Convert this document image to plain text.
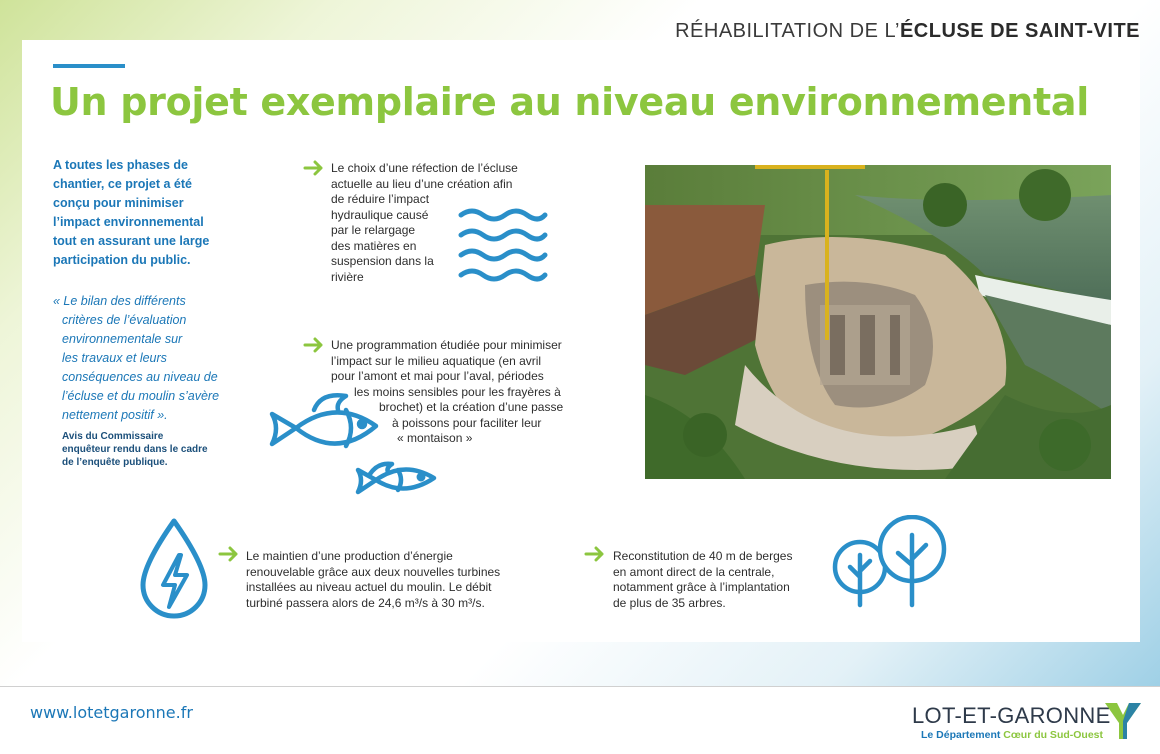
RÉHABILITATION DE L’ÉCLUSE DE SAINT-VITE
Un projet exemplaire au niveau environnemental
A toutes les phases de
chantier, ce projet a été
conçu pour minimiser
l’impact environnemental
tout en assurant une large
participation du public.
« Le bilan des différents
critères de l’évaluation
environnementale sur
les travaux et leurs
conséquences au niveau de
l’écluse et du moulin s’avère
nettement positif ».
Avis du Commissaire
enquêteur rendu dans le cadre
de l’enquête publique.
Le choix d’une réfection de l’écluse
actuelle au lieu d’une création afin
de réduire l’impact
hydraulique causé
par le relargage
des matières en
suspension dans la
rivière
Une programmation étudiée pour minimiser
l’impact sur le milieu aquatique (en avril
pour l’amont et mai pour l’aval, périodes
les moins sensibles pour les frayères à
brochet) et la création d’une passe
à poissons pour faciliter leur
« montaison »
Le maintien d’une production d’énergie
renouvelable grâce aux deux nouvelles turbines
installées au niveau actuel du moulin. Le débit
turbiné passera alors de 24,6 m³/s à 30 m³/s.
Reconstitution de 40 m de berges
en amont direct de la centrale,
notamment grâce à l’implantation
de plus de 35 arbres.
www.lotetgaronne.fr	LOT-ET-GARONNE
Le Département Cœur du Sud-Ouest
